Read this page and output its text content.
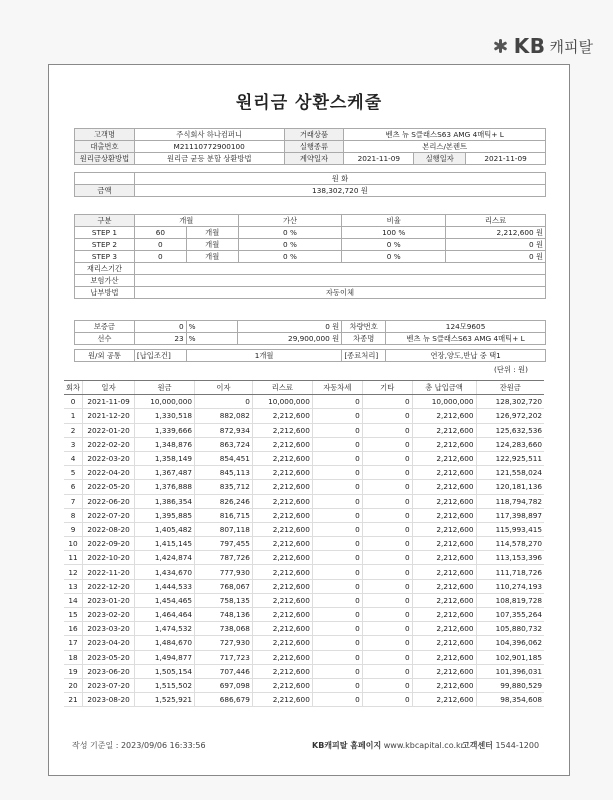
KB 캐피탈
원리금 상환스케줄
고객명	주식회사 하나컴퍼니	거래상품	벤츠 뉴 S클래스S63 AMG 4매틱+ L
대출번호	M21110772900100	실행종류	본리스/본렌트
원리금상환방법	원리금 균등 분할 상환방법	계약일자	2021-11-09	실행일자	2021-11-09
	원 화
금액	138,302,720 원
구분	개월		가산	비율	리스료
STEP 1	60	개월	0 %	100 %	2,212,600 원
STEP 2	0	개월	0 %	0 %	0 원
STEP 3	0	개월	0 %	0 %	0 원
재리스기간					
보험가산					
납부방법	자동이체				
보증금	0	%	0 원	차량번호	124모9605
선수	23	%	29,900,000 원	차종명	벤츠 뉴 S클래스S63 AMG 4매틱+ L
원/외 공통	[납입조건]	1개월	[종료처리]	연장,양도,반납 중 택1
(단위 : 원)
회차	일자	원금	이자	리스료	자동차세	기타	총 납입금액	잔원금
0	2021-11-09	10,000,000	0	10,000,000	0	0	10,000,000	128,302,720
1	2021-12-20	1,330,518	882,082	2,212,600	0	0	2,212,600	126,972,202
2	2022-01-20	1,339,666	872,934	2,212,600	0	0	2,212,600	125,632,536
3	2022-02-20	1,348,876	863,724	2,212,600	0	0	2,212,600	124,283,660
4	2022-03-20	1,358,149	854,451	2,212,600	0	0	2,212,600	122,925,511
5	2022-04-20	1,367,487	845,113	2,212,600	0	0	2,212,600	121,558,024
6	2022-05-20	1,376,888	835,712	2,212,600	0	0	2,212,600	120,181,136
7	2022-06-20	1,386,354	826,246	2,212,600	0	0	2,212,600	118,794,782
8	2022-07-20	1,395,885	816,715	2,212,600	0	0	2,212,600	117,398,897
9	2022-08-20	1,405,482	807,118	2,212,600	0	0	2,212,600	115,993,415
10	2022-09-20	1,415,145	797,455	2,212,600	0	0	2,212,600	114,578,270
11	2022-10-20	1,424,874	787,726	2,212,600	0	0	2,212,600	113,153,396
12	2022-11-20	1,434,670	777,930	2,212,600	0	0	2,212,600	111,718,726
13	2022-12-20	1,444,533	768,067	2,212,600	0	0	2,212,600	110,274,193
14	2023-01-20	1,454,465	758,135	2,212,600	0	0	2,212,600	108,819,728
15	2023-02-20	1,464,464	748,136	2,212,600	0	0	2,212,600	107,355,264
16	2023-03-20	1,474,532	738,068	2,212,600	0	0	2,212,600	105,880,732
17	2023-04-20	1,484,670	727,930	2,212,600	0	0	2,212,600	104,396,062
18	2023-05-20	1,494,877	717,723	2,212,600	0	0	2,212,600	102,901,185
19	2023-06-20	1,505,154	707,446	2,212,600	0	0	2,212,600	101,396,031
20	2023-07-20	1,515,502	697,098	2,212,600	0	0	2,212,600	99,880,529
21	2023-08-20	1,525,921	686,679	2,212,600	0	0	2,212,600	98,354,608
작성 기준일 : 2023/09/06 16:33:56	KB캐피탈 홈페이지 www.kbcapital.co.kr
고객센터 1544-1200
